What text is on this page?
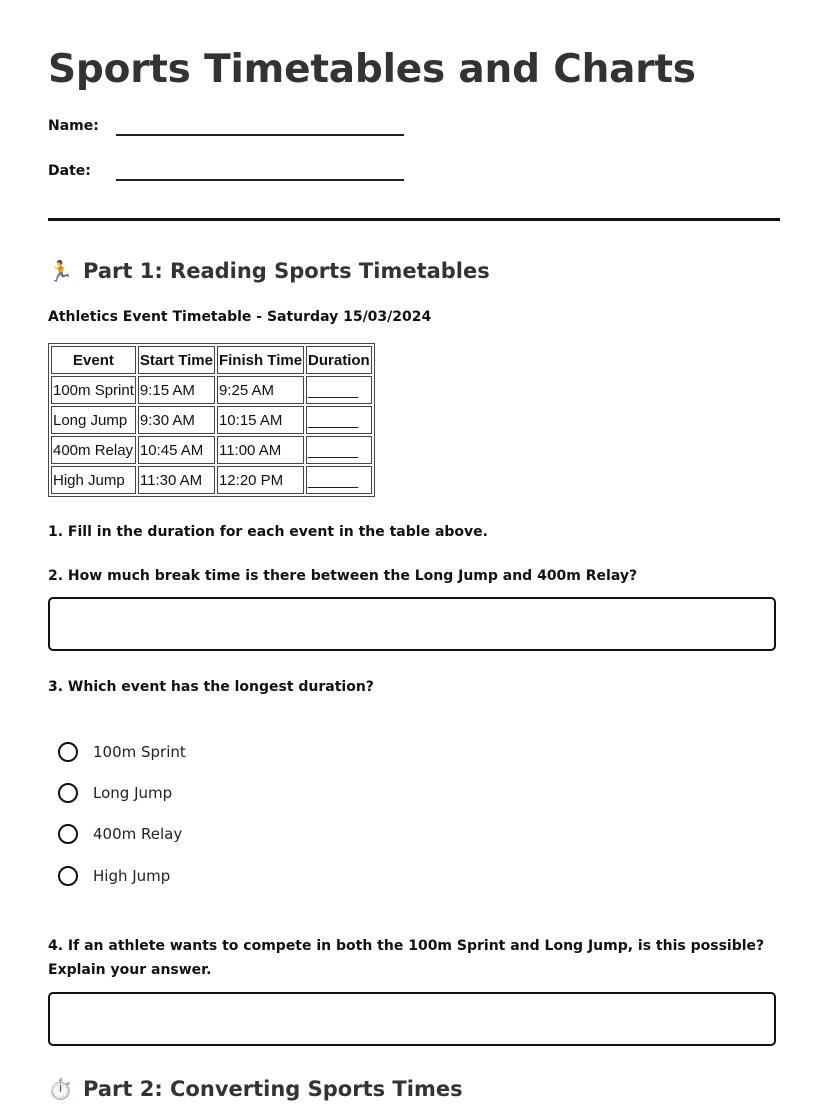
Sports Timetables and Charts
Name:
Date:
🏃 Part 1: Reading Sports Timetables
Athletics Event Timetable - Saturday 15/03/2024
Event	Start Time	Finish Time	Duration
100m Sprint	9:15 AM	9:25 AM	______
Long Jump	9:30 AM	10:15 AM	______
400m Relay	10:45 AM	11:00 AM	______
High Jump	11:30 AM	12:20 PM	______
1. Fill in the duration for each event in the table above.
2. How much break time is there between the Long Jump and 400m Relay?
3. Which event has the longest duration?
100m Sprint
Long Jump
400m Relay
High Jump
4. If an athlete wants to compete in both the 100m Sprint and Long Jump, is this possible? Explain your answer.
⏱️ Part 2: Converting Sports Times
